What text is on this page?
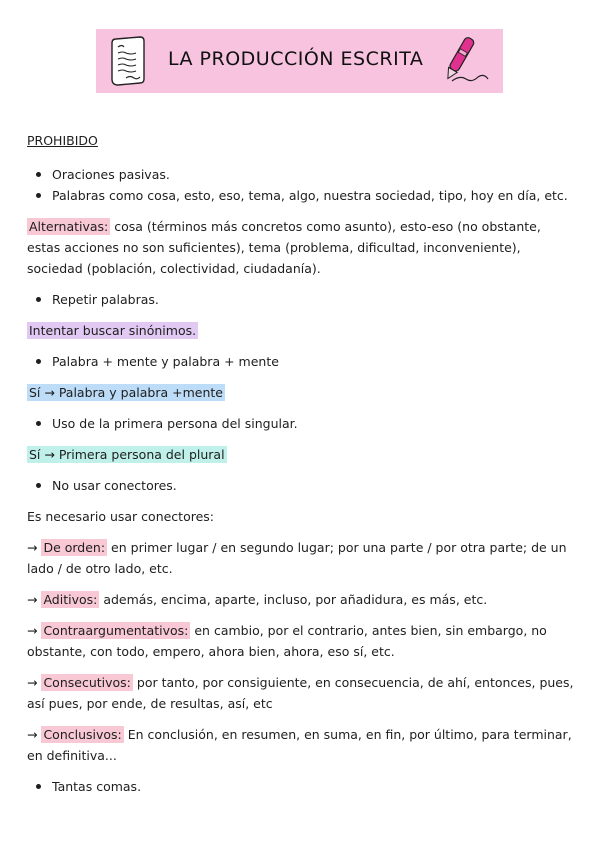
LA PRODUCCIÓN ESCRITA
PROHIBIDO
Oraciones pasivas.
Palabras como cosa, esto, eso, tema, algo, nuestra sociedad, tipo, hoy en día, etc.

Alternativas: cosa (términos más concretos como asunto), esto-eso (no obstante, estas acciones no son suficientes), tema (problema, dificultad, inconveniente), sociedad (población, colectividad, ciudadanía).

Repetir palabras.

Intentar buscar sinónimos.

Palabra + mente y palabra + mente

Sí → Palabra y palabra +mente

Uso de la primera persona del singular.

Sí → Primera persona del plural

No usar conectores.

Es necesario usar conectores:

→ De orden: en primer lugar / en segundo lugar; por una parte / por otra parte; de un lado / de otro lado, etc.

→ Aditivos: además, encima, aparte, incluso, por añadidura, es más, etc.

→ Contraargumentativos: en cambio, por el contrario, antes bien, sin embargo, no obstante, con todo, empero, ahora bien, ahora, eso sí, etc.

→ Consecutivos: por tanto, por consiguiente, en consecuencia, de ahí, entonces, pues, así pues, por ende, de resultas, así, etc

→ Conclusivos: En conclusión, en resumen, en suma, en fin, por último, para terminar, en definitiva...

Tantas comas.
